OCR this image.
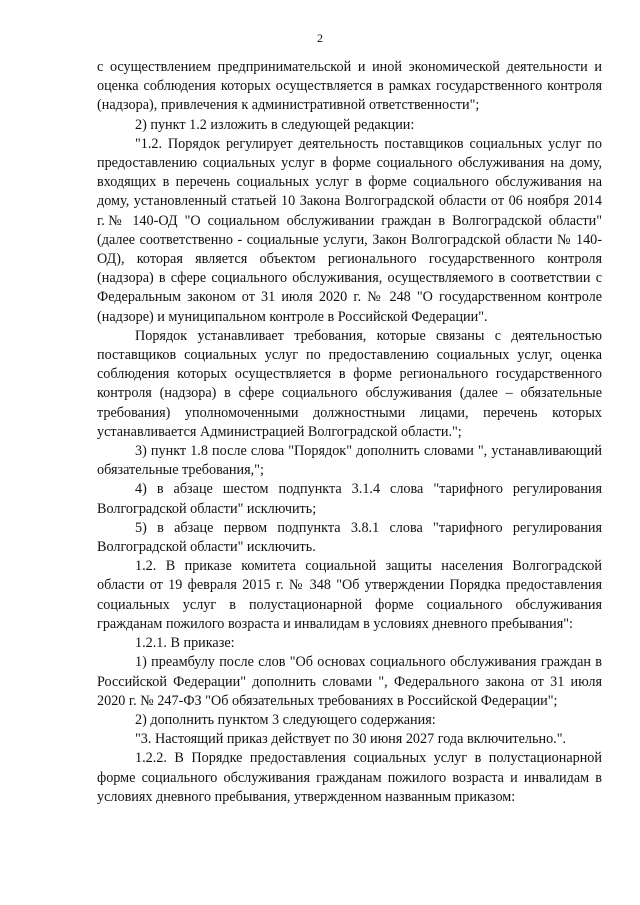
2

с осуществлением предпринимательской и иной экономической деятельности и оценка соблюдения которых осуществляется в рамках государственного контроля (надзора), привлечения к административной ответственности";

2) пункт 1.2 изложить в следующей редакции:

"1.2. Порядок регулирует деятельность поставщиков социальных услуг по предоставлению социальных услуг в форме социального обслуживания на дому, входящих в перечень социальных услуг в форме социального обслуживания на дому, установленный статьей 10 Закона Волгоградской области от 06 ноября 2014 г.№ 140-ОД "О социальном обслуживании граждан в Волгоградской области" (далее соответственно - социальные услуги, Закон Волгоградской области № 140-ОД), которая является объектом регионального государственного контроля (надзора) в сфере социального обслуживания, осуществляемого в соответствии с Федеральным законом от 31 июля 2020 г. № 248 "О государственном контроле (надзоре) и муниципальном контроле в Российской Федерации".

Порядок устанавливает требования, которые связаны с деятельностью поставщиков социальных услуг по предоставлению социальных услуг, оценка соблюдения которых осуществляется в форме регионального государственного контроля (надзора) в сфере социального обслуживания (далее – обязательные требования) уполномоченными должностными лицами, перечень которых устанавливается Администрацией Волгоградской области.";

3) пункт 1.8 после слова "Порядок" дополнить словами ", устанавливающий обязательные требования,";

4) в абзаце шестом подпункта 3.1.4 слова "тарифного регулирования Волгоградской области" исключить;

5) в абзаце первом подпункта 3.8.1 слова "тарифного регулирования Волгоградской области" исключить.

1.2. В приказе комитета социальной защиты населения Волгоградской области от 19 февраля 2015 г. № 348 "Об утверждении Порядка предоставления социальных услуг в полустационарной форме социального обслуживания гражданам пожилого возраста и инвалидам в условиях дневного пребывания":

1.2.1. В приказе:

1) преамбулу после слов "Об основах социального обслуживания граждан в Российской Федерации" дополнить словами ", Федерального закона от 31 июля 2020 г. № 247-ФЗ "Об обязательных требованиях в Российской Федерации";

2) дополнить пунктом 3 следующего содержания:

"3. Настоящий приказ действует по 30 июня 2027 года включительно.".

1.2.2. В Порядке предоставления социальных услуг в полустационарной форме социального обслуживания гражданам пожилого возраста и инвалидам в условиях дневного пребывания, утвержденном названным приказом:
